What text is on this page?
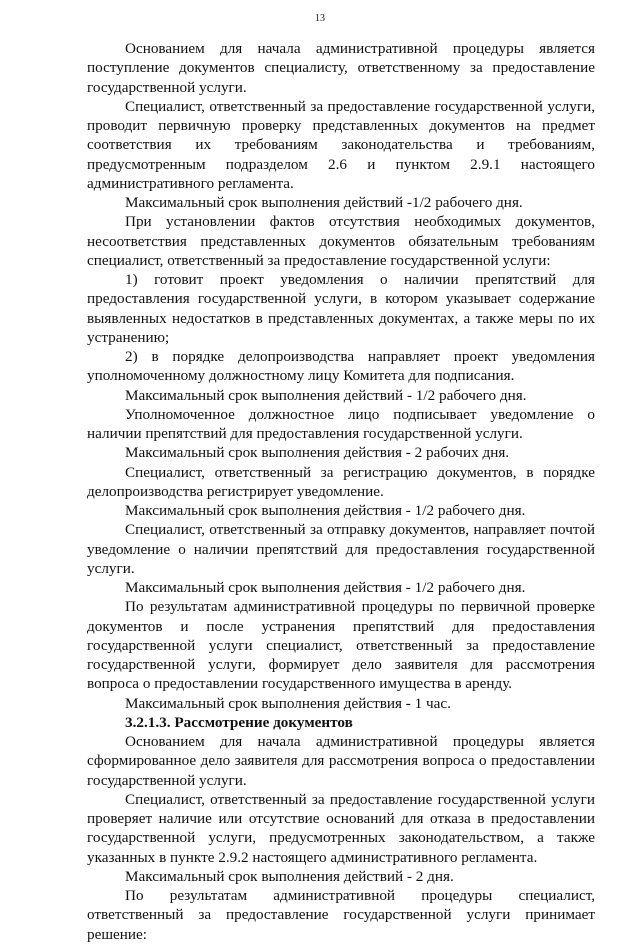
13

Основанием для начала административной процедуры является поступление документов специалисту, ответственному за предоставление государственной услуги.

Специалист, ответственный за предоставление государственной услуги, проводит первичную проверку представленных документов на предмет соответствия их требованиям законодательства и требованиям, предусмотренным подразделом 2.6 и пунктом 2.9.1 настоящего административного регламента.

Максимальный срок выполнения действий -1/2 рабочего дня.

При установлении фактов отсутствия необходимых документов, несоответствия представленных документов обязательным требованиям специалист, ответственный за предоставление государственной услуги:

1) готовит проект уведомления о наличии препятствий для предоставления государственной услуги, в котором указывает содержание выявленных недостатков в представленных документах, а также меры по их устранению;

2) в порядке делопроизводства направляет проект уведомления уполномоченному должностному лицу Комитета для подписания.

Максимальный срок выполнения действий - 1/2 рабочего дня.

Уполномоченное должностное лицо подписывает уведомление о наличии препятствий для предоставления государственной услуги.

Максимальный срок выполнения действия - 2 рабочих дня.

Специалист, ответственный за регистрацию документов, в порядке делопроизводства регистрирует уведомление.

Максимальный срок выполнения действия - 1/2 рабочего дня.

Специалист, ответственный за отправку документов, направляет почтой уведомление о наличии препятствий для предоставления государственной услуги.

Максимальный срок выполнения действия - 1/2 рабочего дня.

По результатам административной процедуры по первичной проверке документов и после устранения препятствий для предоставления государственной услуги специалист, ответственный за предоставление государственной услуги, формирует дело заявителя для рассмотрения вопроса о предоставлении государственного имущества в аренду.

Максимальный срок выполнения действия - 1 час.

3.2.1.3. Рассмотрение документов

Основанием для начала административной процедуры является сформированное дело заявителя для рассмотрения вопроса о предоставлении государственной услуги.

Специалист, ответственный за предоставление государственной услуги проверяет наличие или отсутствие оснований для отказа в предоставлении государственной услуги, предусмотренных законодательством, а также указанных в пункте 2.9.2 настоящего административного регламента.

Максимальный срок выполнения действий - 2 дня.

По результатам административной процедуры специалист, ответственный за предоставление государственной услуги принимает решение:
